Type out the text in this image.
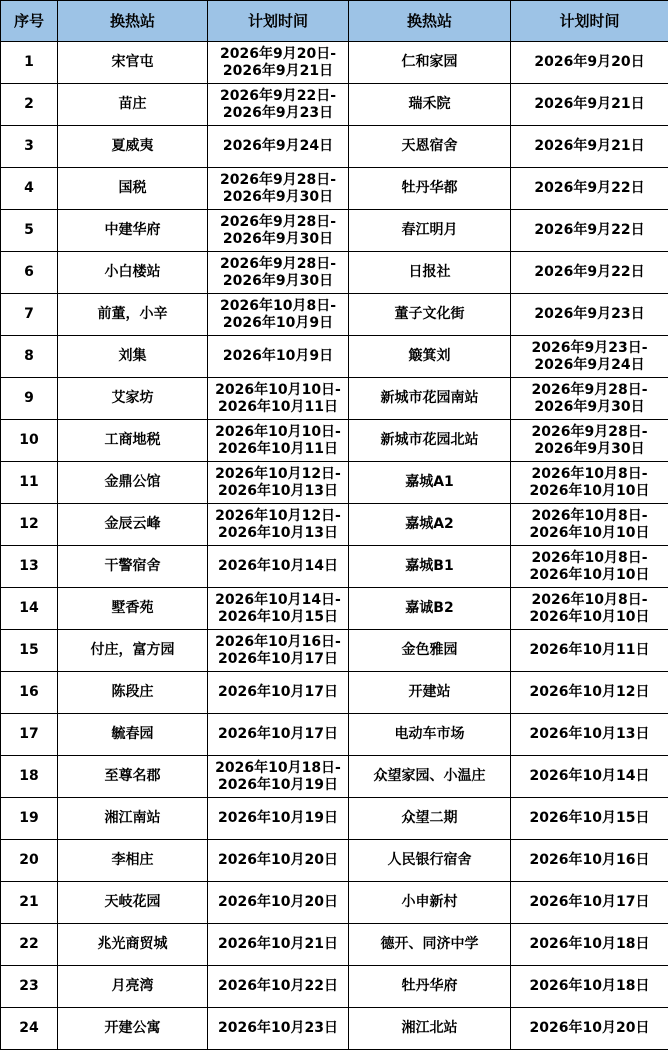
序号	换热站	计划时间	换热站	计划时间
1	宋官屯	2026年9月20日-
2026年9月21日	仁和家园	2026年9月20日

2	苗庄	2026年9月22日-
2026年9月23日	瑞禾院	2026年9月21日

3	夏威夷	2026年9月24日	天恩宿舍	2026年9月21日

4	国税	2026年9月28日-
2026年9月30日	牡丹华都	2026年9月22日

5	中建华府	2026年9月28日-
2026年9月30日	春江明月	2026年9月22日

6	小白楼站	2026年9月28日-
2026年9月30日	日报社	2026年9月22日

7	前董，小辛	2026年10月8日-
2026年10月9日	董子文化街	2026年9月23日

8	刘集	2026年10月9日	簸箕刘	2026年9月23日-
2026年9月24日

9	艾家坊	2026年10月10日-
2026年10月11日	新城市花园南站	2026年9月28日-
2026年9月30日

10	工商地税	2026年10月10日-
2026年10月11日	新城市花园北站	2026年9月28日-
2026年9月30日

11	金鼎公馆	2026年10月12日-
2026年10月13日	嘉城A1	2026年10月8日-
2026年10月10日

12	金辰云峰	2026年10月12日-
2026年10月13日	嘉城A2	2026年10月8日-
2026年10月10日

13	干警宿舍	2026年10月14日	嘉城B1	2026年10月8日-
2026年10月10日

14	墅香苑	2026年10月14日-
2026年10月15日	嘉诚B2	2026年10月8日-
2026年10月10日

15	付庄，富方园	2026年10月16日-
2026年10月17日	金色雅园	2026年10月11日

16	陈段庄	2026年10月17日	开建站	2026年10月12日

17	毓春园	2026年10月17日	电动车市场	2026年10月13日

18	至尊名郡	2026年10月18日-
2026年10月19日	众望家园、小温庄	2026年10月14日

19	湘江南站	2026年10月19日	众望二期	2026年10月15日

20	李相庄	2026年10月20日	人民银行宿舍	2026年10月16日

21	天岐花园	2026年10月20日	小申新村	2026年10月17日

22	兆光商贸城	2026年10月21日	德开、同济中学	2026年10月18日

23	月亮湾	2026年10月22日	牡丹华府	2026年10月18日

24	开建公寓	2026年10月23日	湘江北站	2026年10月20日
